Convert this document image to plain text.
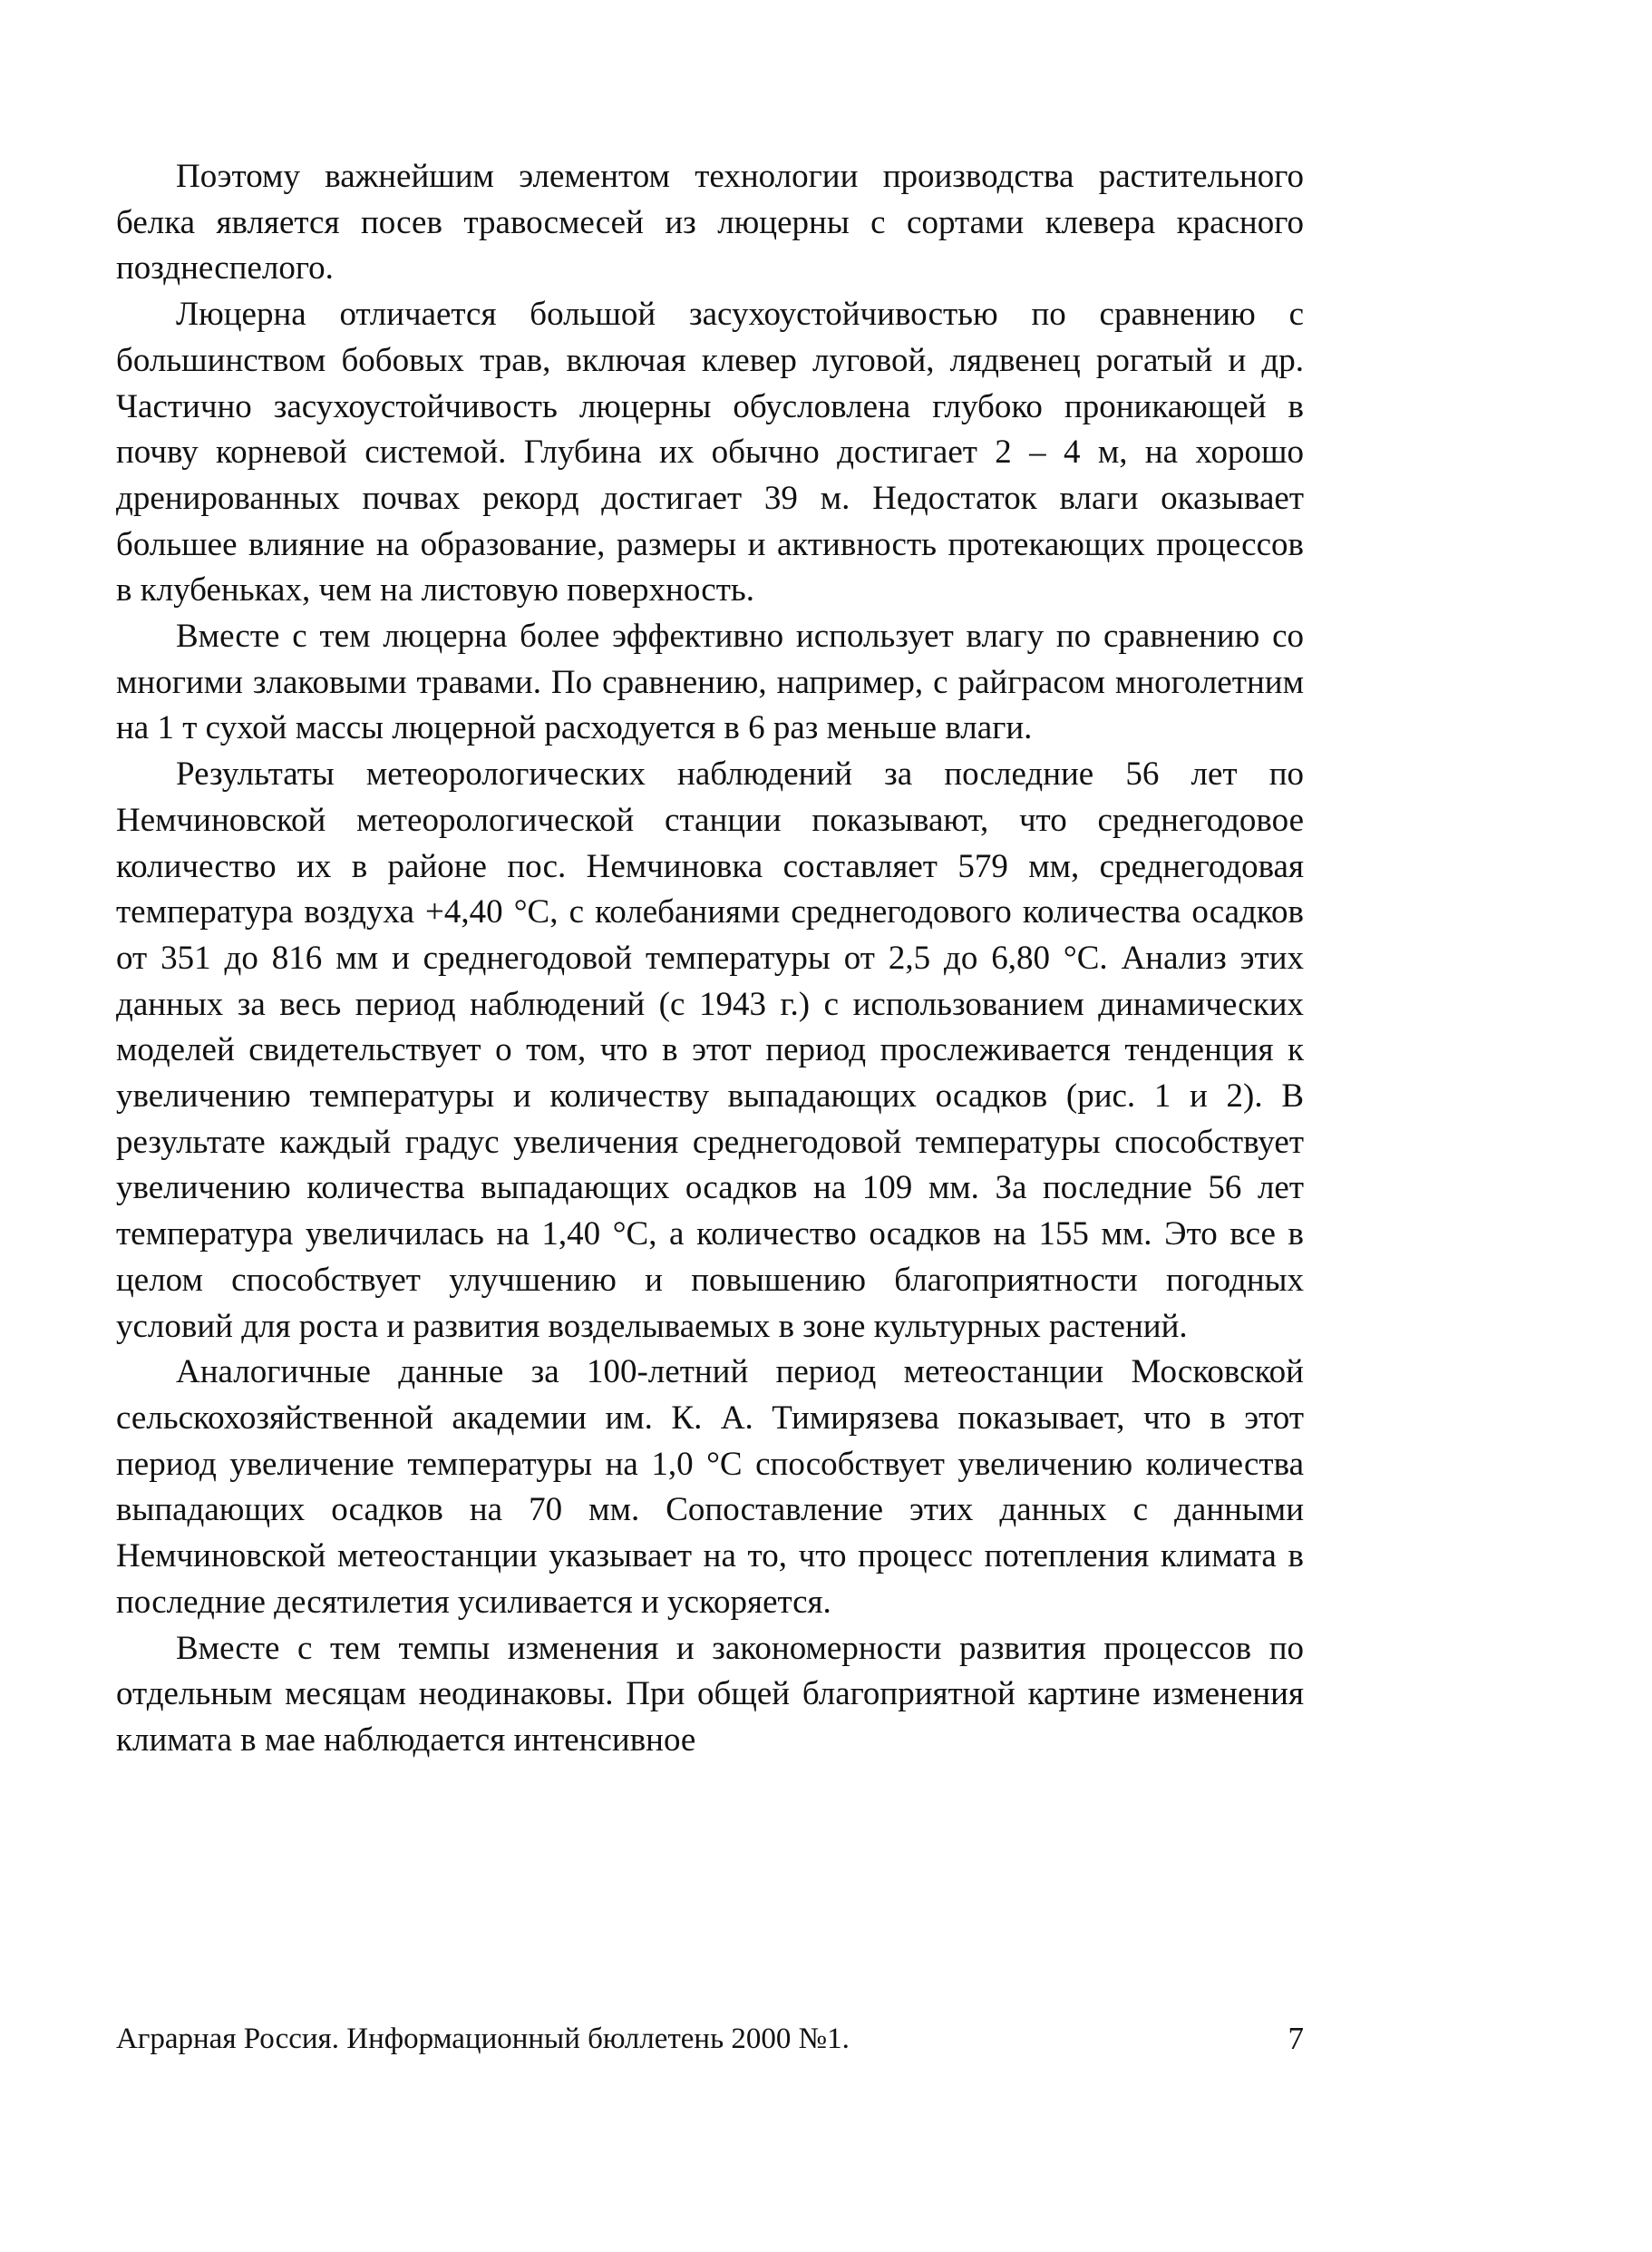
Поэтому важнейшим элементом технологии производства растительного белка является посев травосмесей из люцерны с сортами клевера красного позднеспелого.

Люцерна отличается большой засухоустойчивостью по сравнению с большинством бобовых трав, включая клевер луговой, лядвенец рогатый и др. Частично засухоустойчивость люцерны обусловлена глубоко проникающей в почву корневой системой. Глубина их обычно достигает 2 – 4 м, на хорошо дренированных почвах рекорд достигает 39 м. Недостаток влаги оказывает большее влияние на образование, размеры и активность протекающих процессов в клубеньках, чем на листовую поверхность.

Вместе с тем люцерна более эффективно использует влагу по сравнению со многими злаковыми травами. По сравнению, например, с райграсом многолетним на 1 т сухой массы люцерной расходуется в 6 раз меньше влаги.

Результаты метеорологических наблюдений за последние 56 лет по Немчиновской метеорологической станции показывают, что среднегодовое количество их в районе пос. Немчиновка составляет 579 мм, среднегодовая температура воздуха +4,40 °С, с колебаниями среднегодового количества осадков от 351 до 816 мм и среднегодовой температуры от 2,5 до 6,80 °С. Анализ этих данных за весь период наблюдений (с 1943 г.) с использованием динамических моделей свидетельствует о том, что в этот период прослеживается тенденция к увеличению температуры и количеству выпадающих осадков (рис. 1 и 2). В результате каждый градус увеличения среднегодовой температуры способствует увеличению количества выпадающих осадков на 109 мм. За последние 56 лет температура увеличилась на 1,40 °С, а количество осадков на 155 мм. Это все в целом способствует улучшению и повышению благоприятности погодных условий для роста и развития возделываемых в зоне культурных растений.

Аналогичные данные за 100-летний период метеостанции Московской сельскохозяйственной академии им. К. А. Тимирязева показывает, что в этот период увеличение температуры на 1,0 °С способствует увеличению количества выпадающих осадков на 70 мм. Сопоставление этих данных с данными Немчиновской метеостанции указывает на то, что процесс потепления климата в последние десятилетия усиливается и ускоряется.

Вместе с тем темпы изменения и закономерности развития процессов по отдельным месяцам неодинаковы. При общей благоприятной картине изменения климата в мае наблюдается интенсивное

Аграрная Россия. Информационный бюллетень 2000 №1.	7
